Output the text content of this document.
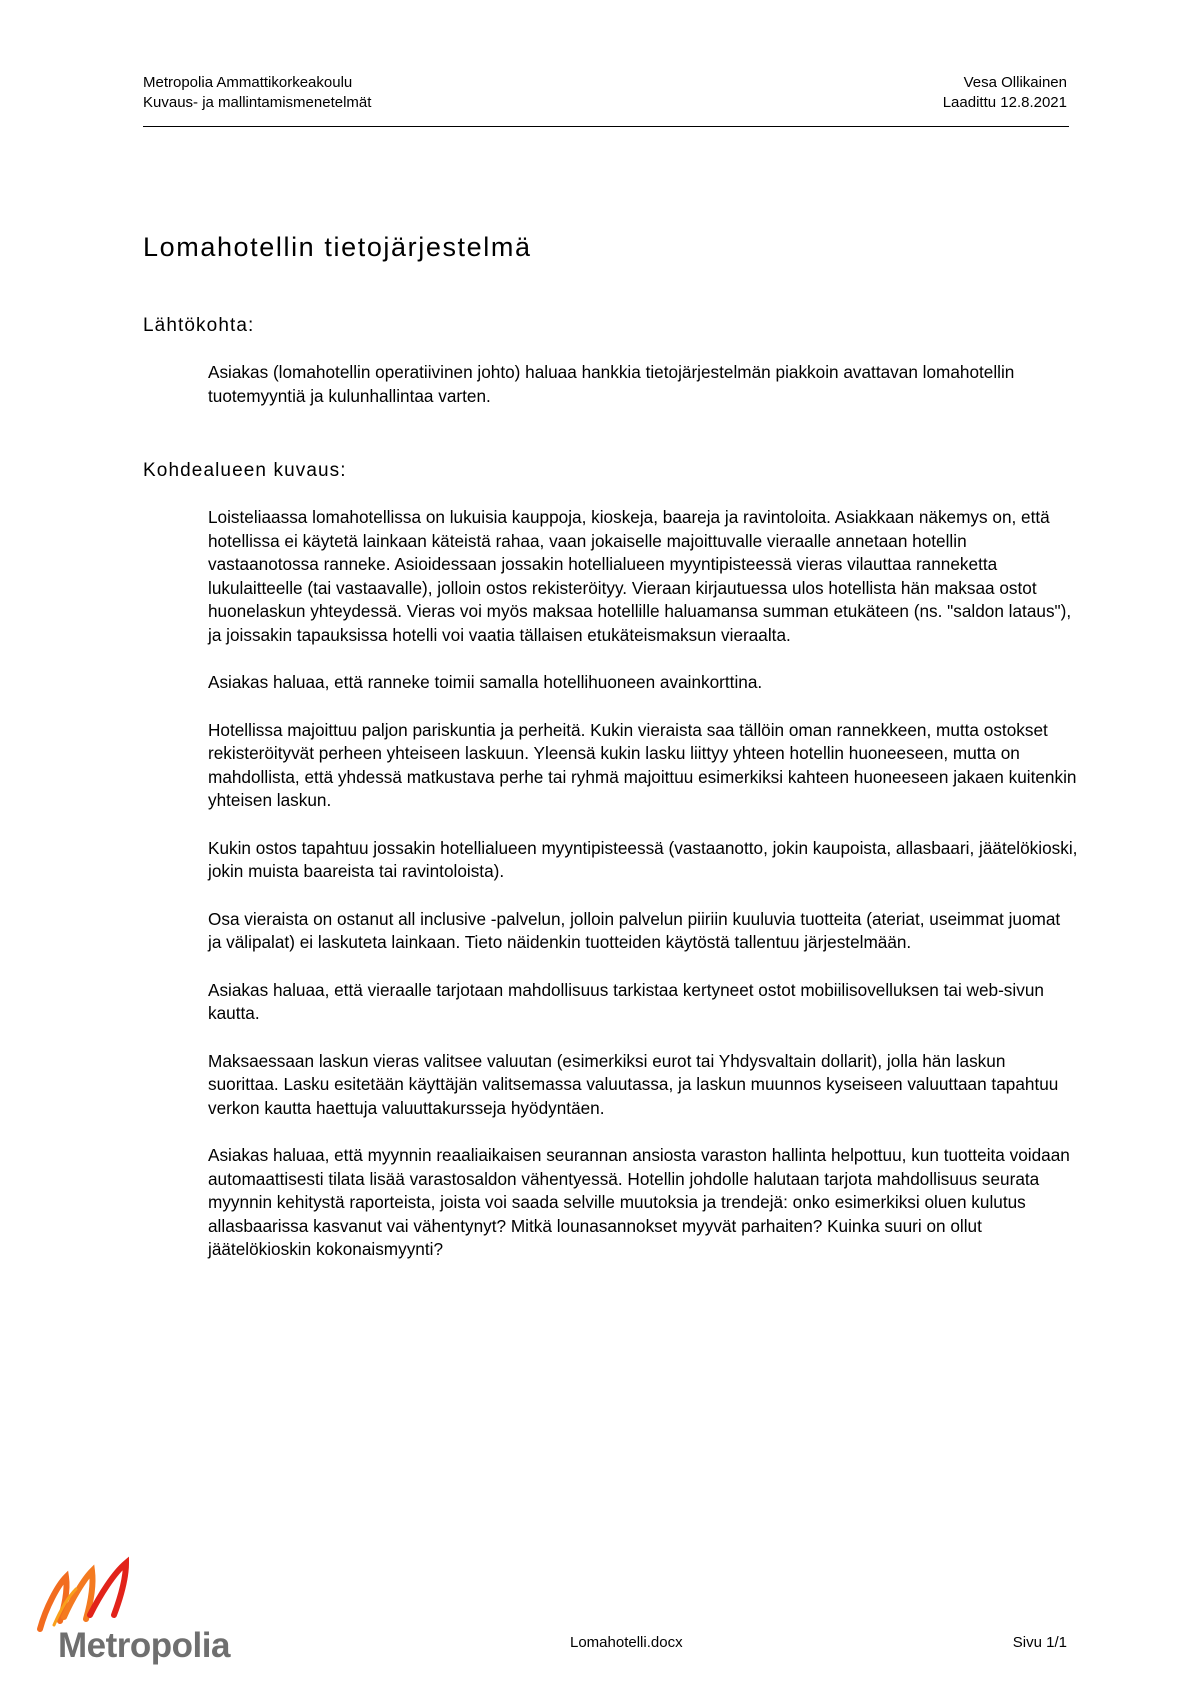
Metropolia Ammattikorkeakoulu
Kuvaus- ja mallintamismenetelmät
Vesa Ollikainen
Laadittu 12.8.2021
Lomahotellin tietojärjestelmä
Lähtökohta:

Asiakas (lomahotellin operatiivinen johto) haluaa hankkia tietojärjestelmän piakkoin avattavan lomahotellin tuotemyyntiä ja kulunhallintaa varten.

Kohdealueen kuvaus:

Loisteliaassa lomahotellissa on lukuisia kauppoja, kioskeja, baareja ja ravintoloita. Asiakkaan näkemys on, että hotellissa ei käytetä lainkaan käteistä rahaa, vaan jokaiselle majoittuvalle vieraalle annetaan hotellin vastaanotossa ranneke. Asioidessaan jossakin hotellialueen myyntipisteessä vieras vilauttaa ranneketta lukulaitteelle (tai vastaavalle), jolloin ostos rekisteröityy. Vieraan kirjautuessa ulos hotellista hän maksaa ostot huonelaskun yhteydessä. Vieras voi myös maksaa hotellille haluamansa summan etukäteen (ns. "saldon lataus"), ja joissakin tapauksissa hotelli voi vaatia tällaisen etukäteismaksun vieraalta.

Asiakas haluaa, että ranneke toimii samalla hotellihuoneen avainkorttina.

Hotellissa majoittuu paljon pariskuntia ja perheitä. Kukin vieraista saa tällöin oman rannekkeen, mutta ostokset rekisteröityvät perheen yhteiseen laskuun. Yleensä kukin lasku liittyy yhteen hotellin huoneeseen, mutta on mahdollista, että yhdessä matkustava perhe tai ryhmä majoittuu esimerkiksi kahteen huoneeseen jakaen kuitenkin yhteisen laskun.

Kukin ostos tapahtuu jossakin hotellialueen myyntipisteessä (vastaanotto, jokin kaupoista, allasbaari, jäätelökioski, jokin muista baareista tai ravintoloista).

Osa vieraista on ostanut all inclusive -palvelun, jolloin palvelun piiriin kuuluvia tuotteita (ateriat, useimmat juomat ja välipalat) ei laskuteta lainkaan. Tieto näidenkin tuotteiden käytöstä tallentuu järjestelmään.

Asiakas haluaa, että vieraalle tarjotaan mahdollisuus tarkistaa kertyneet ostot mobiilisovelluksen tai web-sivun kautta.

Maksaessaan laskun vieras valitsee valuutan (esimerkiksi eurot tai Yhdysvaltain dollarit), jolla hän laskun suorittaa. Lasku esitetään käyttäjän valitsemassa valuutassa, ja laskun muunnos kyseiseen valuuttaan tapahtuu verkon kautta haettuja valuuttakursseja hyödyntäen.

Asiakas haluaa, että myynnin reaaliaikaisen seurannan ansiosta varaston hallinta helpottuu, kun tuotteita voidaan automaattisesti tilata lisää varastosaldon vähentyessä. Hotellin johdolle halutaan tarjota mahdollisuus seurata myynnin kehitystä raporteista, joista voi saada selville muutoksia ja trendejä: onko esimerkiksi oluen kulutus allasbaarissa kasvanut vai vähentynyt? Mitkä lounasannokset myyvät parhaiten? Kuinka suuri on ollut jäätelökioskin kokonaismyynti?

Metropolia	Lomahotelli.docx	Sivu 1/1
